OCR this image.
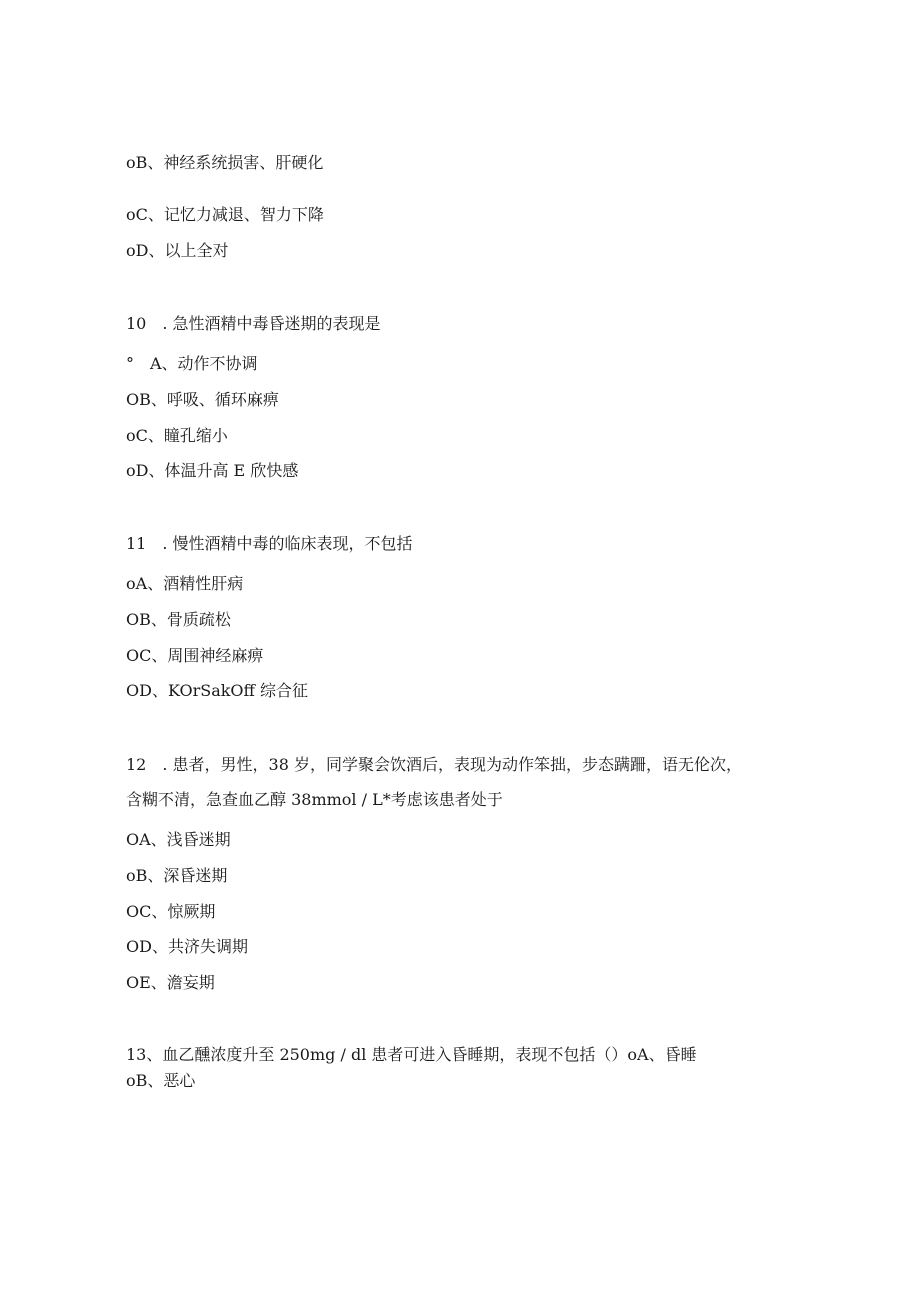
oB、神经系统损害、肝硬化
oC、记忆力减退、智力下降
oD、以上全对
10　. 急性酒精中毒昏迷期的表现是
°　A、动作不协调
OB、呼吸、循环麻痹
oC、瞳孔缩小
oD、体温升高 E 欣快感
11　. 慢性酒精中毒的临床表现，不包括
oA、酒精性肝病
OB、骨质疏松
OC、周围神经麻痹
OD、KOrSakOff 综合征
12　. 患者，男性，38 岁，同学聚会饮酒后，表现为动作笨拙，步态蹒跚，语无伦次，
含糊不清，急查血乙醇 38mmol / L*考虑该患者处于
OA、浅昏迷期
oB、深昏迷期
OC、惊厥期
OD、共济失调期
OE、澹妄期
13、血乙醺浓度升至 250mg / dl 患者可进入昏睡期，表现不包括（）oA、昏睡
oB、恶心
